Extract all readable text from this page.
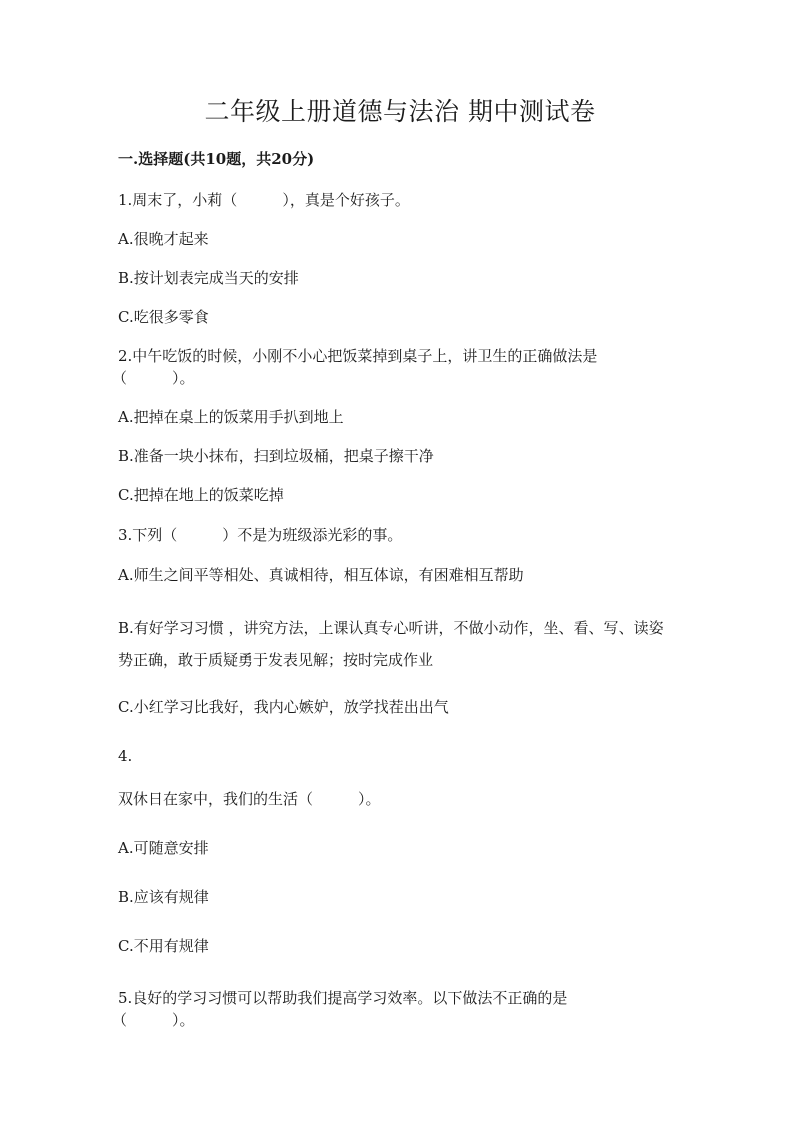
二年级上册道德与法治 期中测试卷
一.选择题(共10题，共20分)
1.周末了，小莉（　　　），真是个好孩子。
A.很晚才起来
B.按计划表完成当天的安排
C.吃很多零食
2.中午吃饭的时候，小刚不小心把饭菜掉到桌子上，讲卫生的正确做法是
（　　　）。
A.把掉在桌上的饭菜用手扒到地上
B.准备一块小抹布，扫到垃圾桶，把桌子擦干净
C.把掉在地上的饭菜吃掉
3.下列（　　　）不是为班级添光彩的事。
A.师生之间平等相处、真诚相待，相互体谅，有困难相互帮助
B.有好学习习惯 ，讲究方法，上课认真专心听讲，不做小动作，坐、看、写、读姿势正确，敢于质疑勇于发表见解；按时完成作业
C.小红学习比我好，我内心嫉妒，放学找茬出出气
4.
双休日在家中，我们的生活（　　　）。
A.可随意安排
B.应该有规律
C.不用有规律
5.良好的学习习惯可以帮助我们提高学习效率。以下做法不正确的是
（　　　）。
